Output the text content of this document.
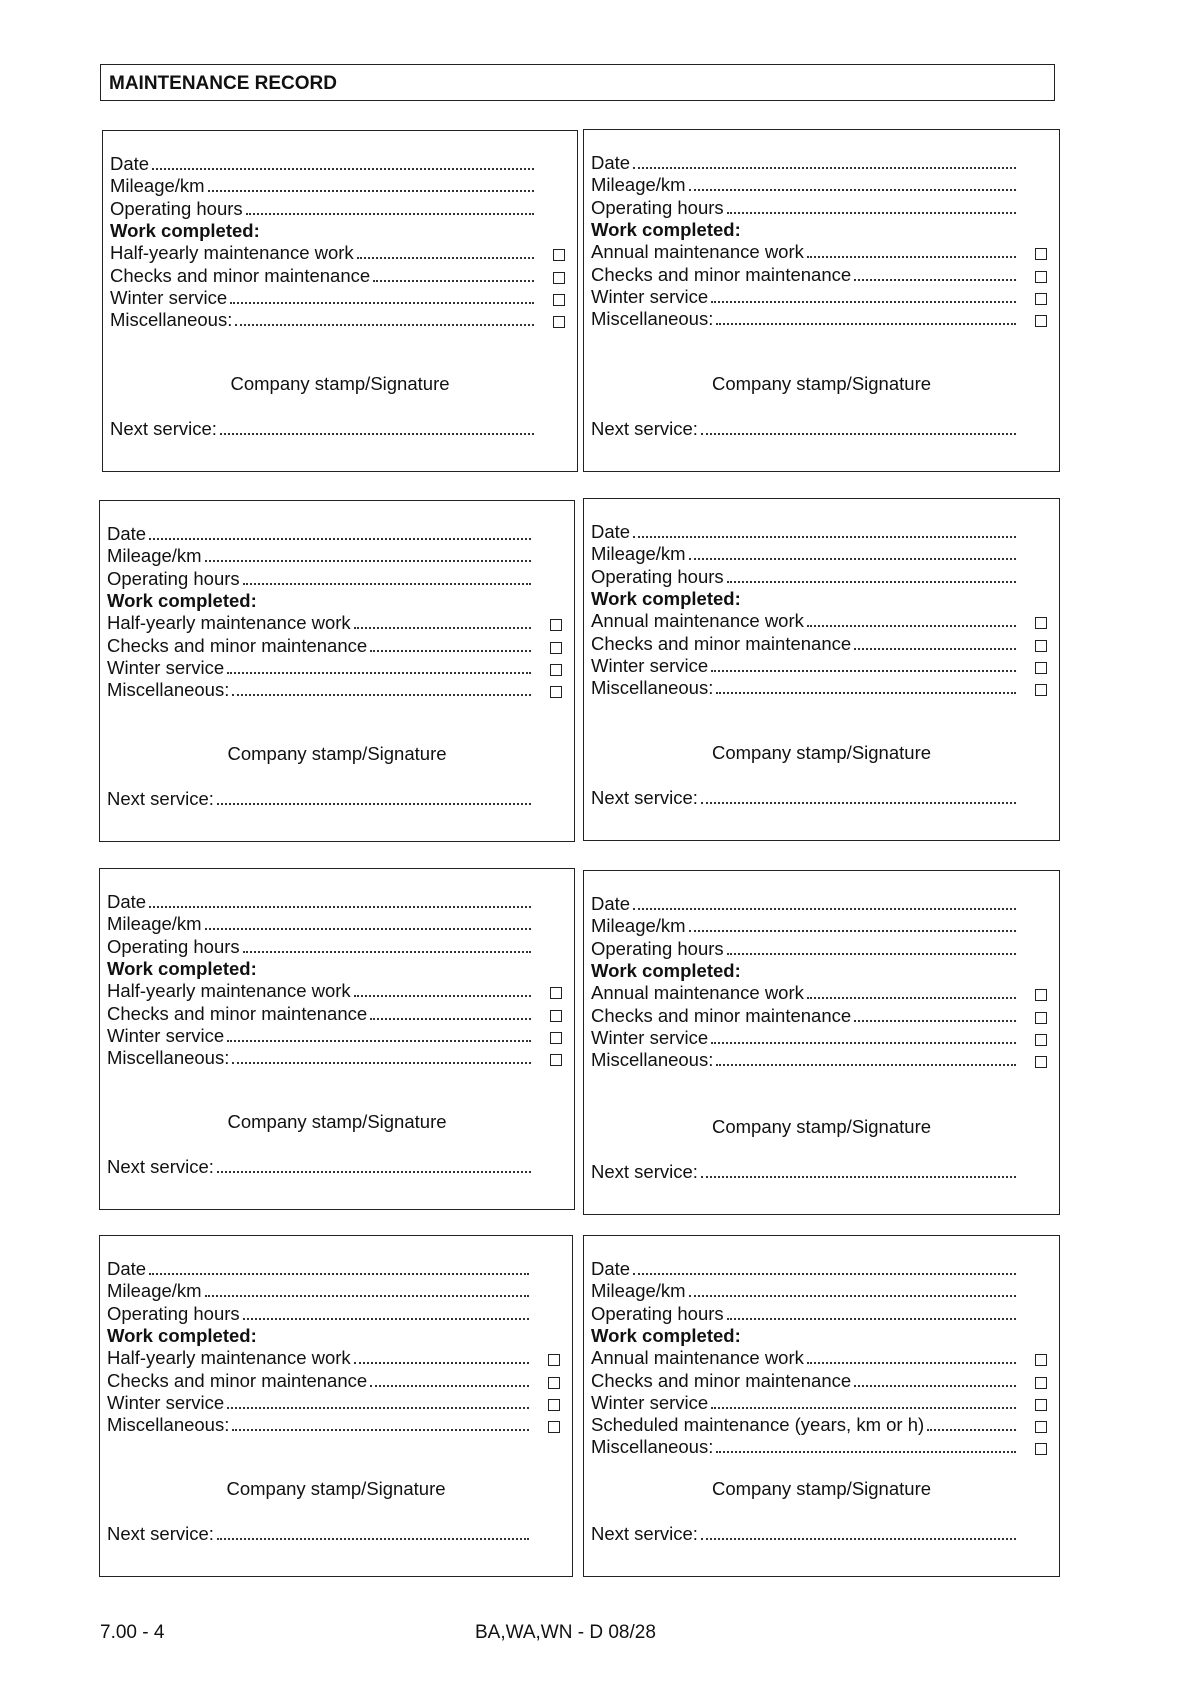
MAINTENANCE RECORD
Date
Mileage/km
Operating hours
Work completed:
Half-yearly maintenance work
Checks and minor maintenance
Winter service
Miscellaneous:
Company stamp/Signature
Next service:
Date
Mileage/km
Operating hours
Work completed:
Annual maintenance work
Checks and minor maintenance
Winter service
Miscellaneous:
Company stamp/Signature
Next service:
Date
Mileage/km
Operating hours
Work completed:
Half-yearly maintenance work
Checks and minor maintenance
Winter service
Miscellaneous:
Company stamp/Signature
Next service:
Date
Mileage/km
Operating hours
Work completed:
Annual maintenance work
Checks and minor maintenance
Winter service
Miscellaneous:
Company stamp/Signature
Next service:
Date
Mileage/km
Operating hours
Work completed:
Half-yearly maintenance work
Checks and minor maintenance
Winter service
Miscellaneous:
Company stamp/Signature
Next service:
Date
Mileage/km
Operating hours
Work completed:
Annual maintenance work
Checks and minor maintenance
Winter service
Miscellaneous:
Company stamp/Signature
Next service:
Date
Mileage/km
Operating hours
Work completed:
Half-yearly maintenance work
Checks and minor maintenance
Winter service
Miscellaneous:
Company stamp/Signature
Next service:
Date
Mileage/km
Operating hours
Work completed:
Annual maintenance work
Checks and minor maintenance
Winter service
Scheduled maintenance (years, km or h)
Miscellaneous:
Company stamp/Signature
Next service:
7.00 - 4	BA,WA,WN - D 08/28
